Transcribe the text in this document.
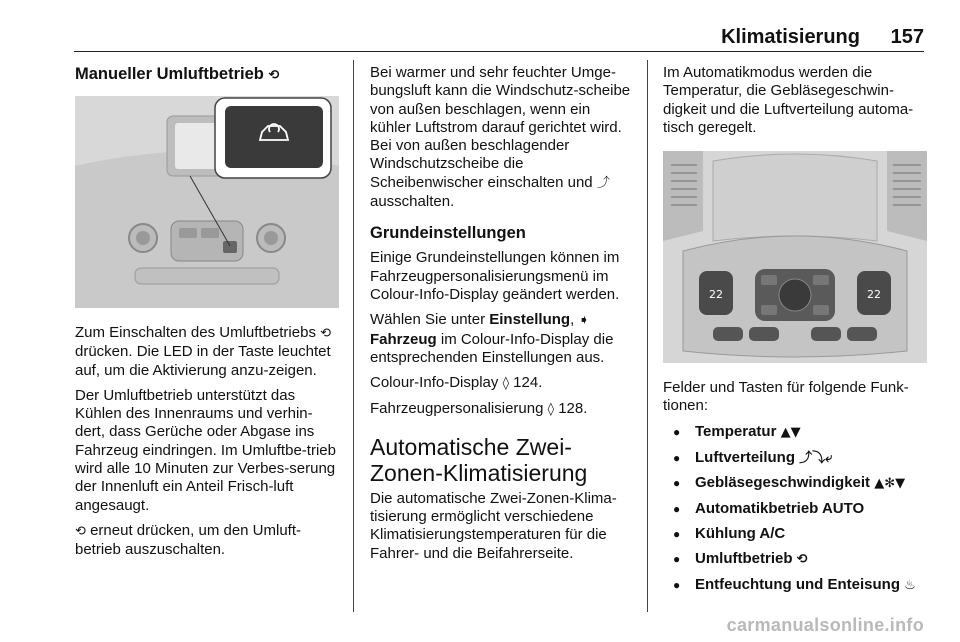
Klimatisierung 157
Manueller Umluftbetrieb ⟲

Zum Einschalten des Umluftbetriebs ⟲ drücken. Die LED in der Taste leuchtet auf, um die Aktivierung anzu-zeigen.

Der Umluftbetrieb unterstützt das Kühlen des Innenraums und verhin-dert, dass Gerüche oder Abgase ins Fahrzeug eindringen. Im Umluftbe-trieb wird alle 10 Minuten zur Verbes-serung der Innenluft ein Anteil Frisch-luft angesaugt.

⟲ erneut drücken, um den Umluft-betrieb auszuschalten.

Bei warmer und sehr feuchter Umge-bungsluft kann die Windschutz-scheibe von außen beschlagen, wenn ein kühler Luftstrom darauf gerichtet wird. Bei von außen beschlagender Windschutzscheibe die Scheibenwischer einschalten und ⤴ ausschalten.

Grundeinstellungen

Einige Grundeinstellungen können im Fahrzeugpersonalisierungsmenü im Colour-Info-Display geändert werden.

Wählen Sie unter Einstellung, ➧ Fahrzeug im Colour-Info-Display die entsprechenden Einstellungen aus.

Colour-Info-Display ◊ 124.

Fahrzeugpersonalisierung ◊ 128.

Automatische Zwei-Zonen-Klimatisierung

Die automatische Zwei-Zonen-Klima-tisierung ermöglicht verschiedene Klimatisierungstemperaturen für die Fahrer- und die Beifahrerseite.

Im Automatikmodus werden die Temperatur, die Gebläsegeschwin-digkeit und die Luftverteilung automa-tisch geregelt.

22	22

Felder und Tasten für folgende Funk-tionen:

● Temperatur ▲▼
● Luftverteilung ⤴⤵⤶
● Gebläsegeschwindigkeit ▲✻▼
● Automatikbetrieb AUTO
● Kühlung A/C
● Umluftbetrieb ⟲
● Entfeuchtung und Enteisung ♨
carmanualsonline.info
